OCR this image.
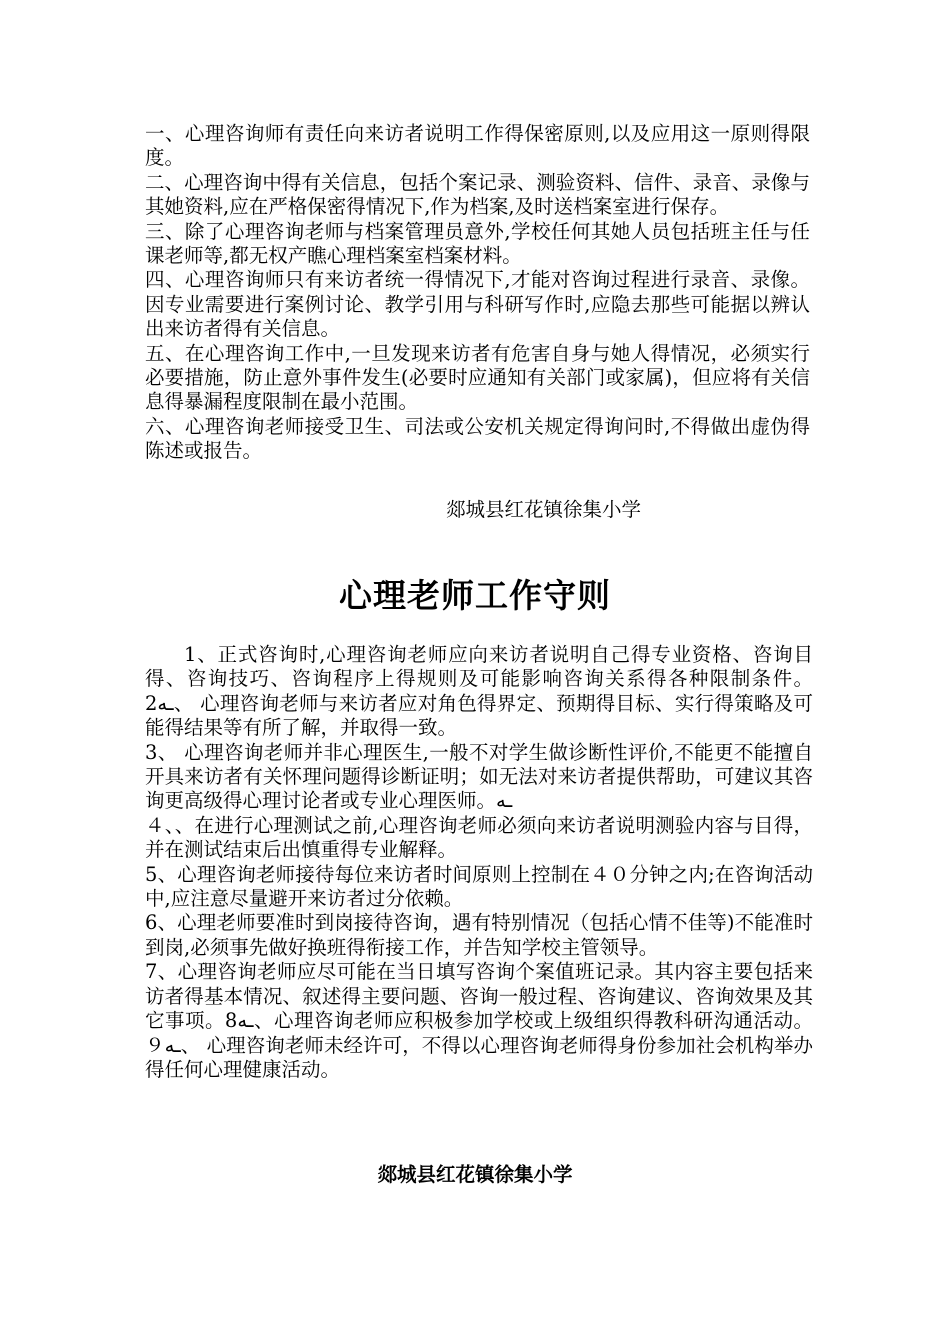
一、心理咨询师有责任向来访者说明工作得保密原则,以及应用这一原则得限度。

二、心理咨询中得有关信息，包括个案记录、测验资料、信件、录音、录像与其她资料,应在严格保密得情况下,作为档案,及时送档案室进行保存。

三、除了心理咨询老师与档案管理员意外,学校任何其她人员包括班主任与任课老师等,都无权产瞧心理档案室档案材料。

四、心理咨询师只有来访者统一得情况下,才能对咨询过程进行录音、录像。因专业需要进行案例讨论、教学引用与科研写作时,应隐去那些可能据以辨认出来访者得有关信息。

五、在心理咨询工作中,一旦发现来访者有危害自身与她人得情况，必须实行必要措施，防止意外事件发生(必要时应通知有关部门或家属)，但应将有关信息得暴漏程度限制在最小范围。

六、心理咨询老师接受卫生、司法或公安机关规定得询问时,不得做出虚伪得陈述或报告。

郯城县红花镇徐集小学
心理老师工作守则

1、正式咨询时,心理咨询老师应向来访者说明自己得专业资格、咨询目得、咨询技巧、咨询程序上得规则及可能影响咨询关系得各种限制条件。2‌ـه、 心理咨询老师与来访者应对角色得界定、预期得目标、实行得策略及可能得结果等有所了解，并取得一致。

3、 心理咨询老师并非心理医生,一般不对学生做诊断性评价,不能更不能擅自开具来访者有关怀理问题得诊断证明；如无法对来访者提供帮助，可建议其咨询更高级得心理讨论者或专业心理医师。ـه

４、、在进行心理测试之前,心理咨询老师必须向来访者说明测验内容与目得，并在测试结束后出慎重得专业解释。

5、心理咨询老师接待每位来访者时间原则上控制在４０分钟之内;在咨询活动中,应注意尽量避开来访者过分依赖。

6、心理老师要准时到岗接待咨询，遇有特别情况（包括心情不佳等)不能准时到岗,必须事先做好换班得衔接工作，并告知学校主管领导。

7、心理咨询老师应尽可能在当日填写咨询个案值班记录。其内容主要包括来访者得基本情况、叙述得主要问题、咨询一般过程、咨询建议、咨询效果及其它事项。8ـه、心理咨询老师应积极参加学校或上级组织得教科研沟通活动。９ـه、 心理咨询老师未经许可，不得以心理咨询老师得身份参加社会机构举办得任何心理健康活动。

郯城县红花镇徐集小学
